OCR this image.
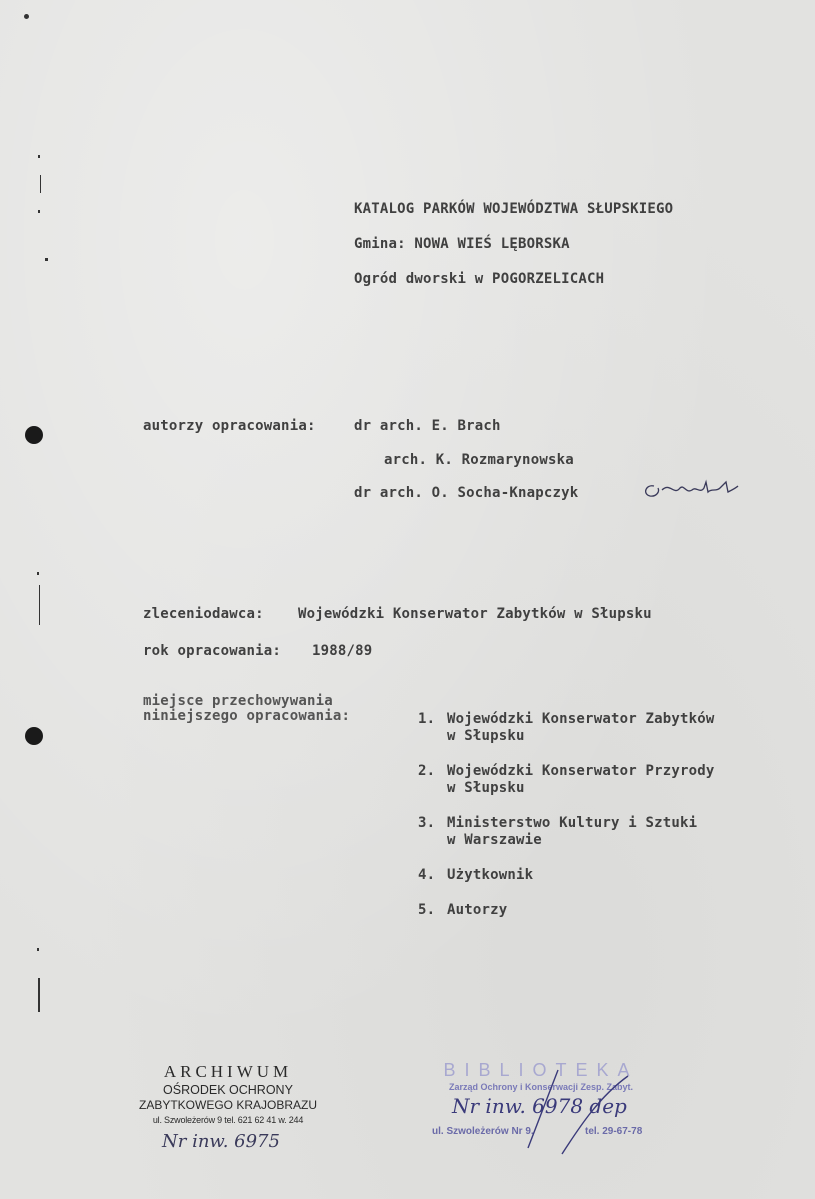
KATALOG PARKÓW WOJEWÓDZTWA SŁUPSKIEGO
Gmina: NOWA WIEŚ LĘBORSKA
Ogród dworski w POGORZELICACH
autorzy opracowania:	dr arch. E. Brach
arch. K. Rozmarynowska
dr arch. O. Socha-Knapczyk
zleceniodawca: Wojewódzki Konserwator Zabytków w Słupsku
rok opracowania: 1988/89
miejsce przechowywania
niniejszego opracowania:	1. Wojewódzki Konserwator Zabytków
w Słupsku
2. Wojewódzki Konserwator Przyrody
w Słupsku
3. Ministerstwo Kultury i Sztuki
w Warszawie
4. Użytkownik
5. Autorzy
ARCHIWUM
OŚRODEK OCHRONY
ZABYTKOWEGO KRAJOBRAZU
ul. Szwoleżerów 9 tel. 621 62 41 w. 244
Nr inw. 6975
BIBLIOTEKA
Zarząd Ochrony i Konserwacji Zesp. Zabyt.
ul. Szwoleżerów Nr 9.	tel. 29-67-78
Nr inw. 6978 dep
